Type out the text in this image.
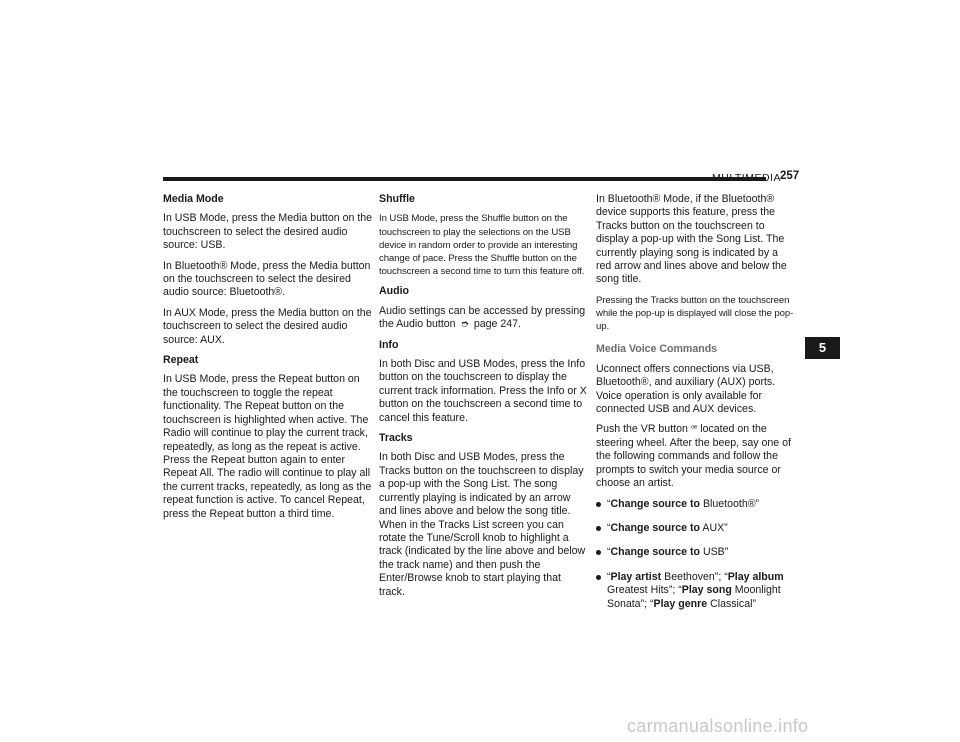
MULTIMEDIA 257

Media Mode

In USB Mode, press the Media button on the touchscreen to select the desired audio source: USB.

In Bluetooth® Mode, press the Media button on the touchscreen to select the desired audio source: Bluetooth®.

In AUX Mode, press the Media button on the touchscreen to select the desired audio source: AUX.

Repeat

In USB Mode, press the Repeat button on the touchscreen to toggle the repeat functionality. The Repeat button on the touchscreen is highlighted when active. The Radio will continue to play the current track, repeatedly, as long as the repeat is active. Press the Repeat button again to enter Repeat All. The radio will continue to play all the current tracks, repeatedly, as long as the repeat function is active. To cancel Repeat, press the Repeat button a third time.

Shuffle

In USB Mode, press the Shuffle button on the touchscreen to play the selections on the USB device in random order to provide an interesting change of pace. Press the Shuffle button on the touchscreen a second time to turn this feature off.

Audio

Audio settings can be accessed by pressing the Audio button ➮ page 247.

Info

In both Disc and USB Modes, press the Info button on the touchscreen to display the current track information. Press the Info or X button on the touchscreen a second time to cancel this feature.

Tracks

In both Disc and USB Modes, press the Tracks button on the touchscreen to display a pop-up with the Song List. The song currently playing is indicated by an arrow and lines above and below the song title. When in the Tracks List screen you can rotate the Tune/Scroll knob to highlight a track (indicated by the line above and below the track name) and then push the Enter/Browse knob to start playing that track.

In Bluetooth® Mode, if the Bluetooth® device supports this feature, press the Tracks button on the touchscreen to display a pop-up with the Song List. The currently playing song is indicated by a red arrow and lines above and below the song title.

Pressing the Tracks button on the touchscreen while the pop-up is displayed will close the pop-up.

Media Voice Commands

Uconnect offers connections via USB, Bluetooth®, and auxiliary (AUX) ports. Voice operation is only available for connected USB and AUX devices.

Push the VR button ꟹ located on the steering wheel. After the beep, say one of the following commands and follow the prompts to switch your media source or choose an artist.

“Change source to Bluetooth®”
“Change source to AUX”
“Change source to USB”
“Play artist Beethoven”; “Play album Greatest Hits”; “Play song Moonlight Sonata”; “Play genre Classical”
5
carmanualsonline.info
